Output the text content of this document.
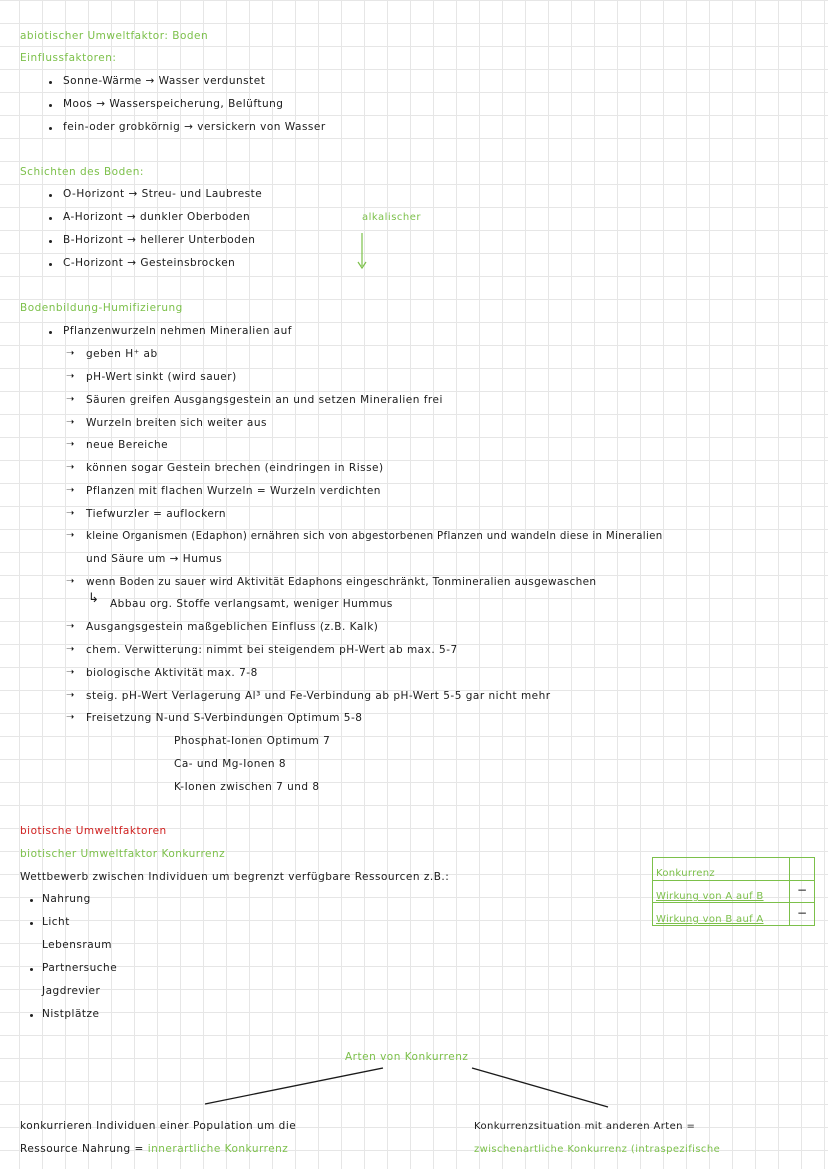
abiotischer Umweltfaktor: Boden
Einflussfaktoren:
Sonne-Wärme → Wasser verdunstet
Moos → Wasserspeicherung, Belüftung
fein-oder grobkörnig → versickern von Wasser
Schichten des Boden:
O-Horizont → Streu- und Laubreste
A-Horizont → dunkler Oberboden
B-Horizont → hellerer Unterboden
C-Horizont → Gesteinsbrocken
alkalischer
Bodenbildung-Humifizierung
Pflanzenwurzeln nehmen Mineralien auf
➝ geben H⁺ ab
➝ pH-Wert sinkt (wird sauer)
➝ Säuren greifen Ausgangsgestein an und setzen Mineralien frei
➝ Wurzeln breiten sich weiter aus
➝ neue Bereiche
➝ können sogar Gestein brechen (eindringen in Risse)
➝ Pflanzen mit flachen Wurzeln = Wurzeln verdichten
➝ Tiefwurzler = auflockern
➝ kleine Organismen (Edaphon) ernähren sich von abgestorbenen Pflanzen und wandeln diese in Mineralien
und Säure um → Humus
➝ wenn Boden zu sauer wird Aktivität Edaphons eingeschränkt, Tonmineralien ausgewaschen
↳ Abbau org. Stoffe verlangsamt, weniger Hummus
➝ Ausgangsgestein maßgeblichen Einfluss (z.B. Kalk)
➝ chem. Verwitterung: nimmt bei steigendem pH-Wert ab max. 5-7
➝ biologische Aktivität max. 7-8
➝ steig. pH-Wert Verlagerung Al³ und Fe-Verbindung ab pH-Wert 5-5 gar nicht mehr
➝ Freisetzung N-und S-Verbindungen Optimum 5-8
Phosphat-Ionen Optimum 7
Ca- und Mg-Ionen 8
K-Ionen zwischen 7 und 8
biotische Umweltfaktoren
biotischer Umweltfaktor Konkurrenz
Wettbewerb zwischen Individuen um begrenzt verfügbare Ressourcen z.B.:
Nahrung
Licht
Lebensraum
Partnersuche
Jagdrevier
Nistplätze
Konkurrenz
Wirkung von A auf B
Wirkung von B auf A
−
−
Arten von Konkurrenz
konkurrieren Individuen einer Population um die
Ressource Nahrung = innerartliche Konkurrenz
Konkurrenzsituation mit anderen Arten =
zwischenartliche Konkurrenz (intraspezifische
